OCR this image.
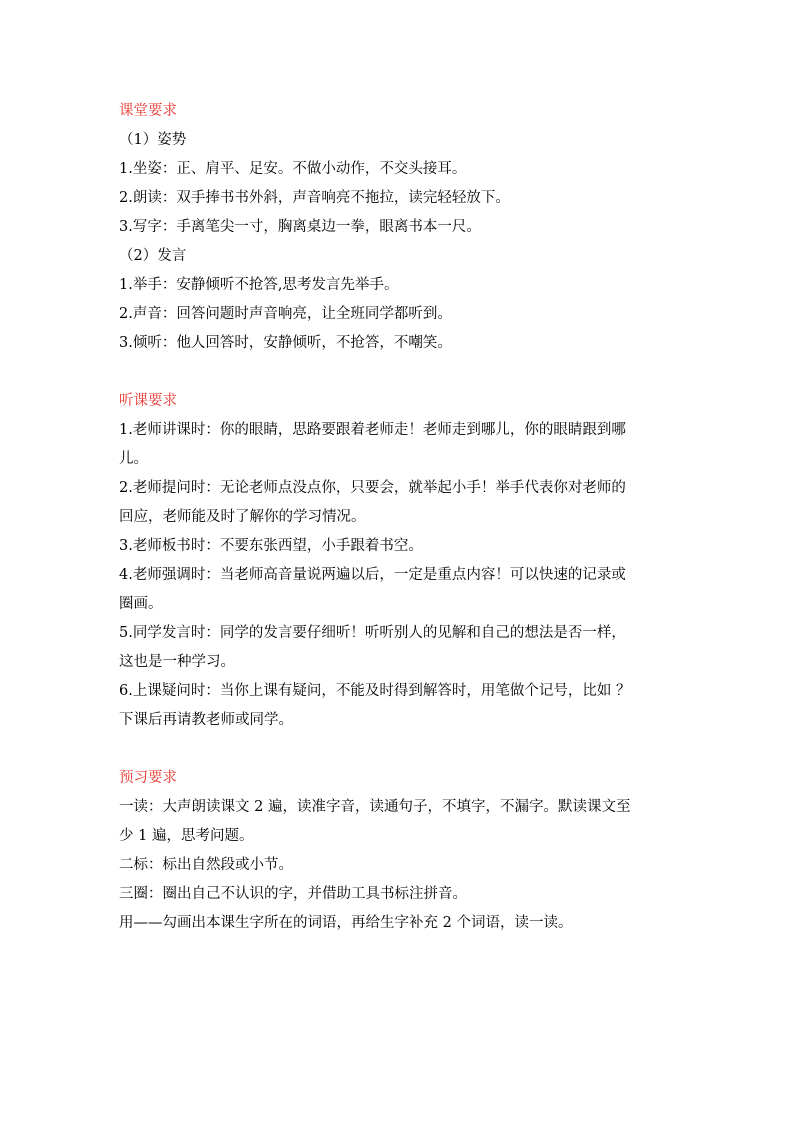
课堂要求
（1）姿势
1.坐姿：正、肩平、足安。不做小动作，不交头接耳。
2.朗读：双手捧书书外斜，声音响亮不拖拉，读完轻轻放下。
3.写字：手离笔尖一寸，胸离桌边一拳，眼离书本一尺。
（2）发言
1.举手：安静倾听不抢答,思考发言先举手。
2.声音：回答问题时声音响亮，让全班同学都听到。
3.倾听：他人回答时，安静倾听，不抢答，不嘲笑。
听课要求
1.老师讲课时：你的眼睛，思路要跟着老师走！老师走到哪儿，你的眼睛跟到哪
儿。
2.老师提问时：无论老师点没点你，只要会，就举起小手！举手代表你对老师的
回应，老师能及时了解你的学习情况。
3.老师板书时：不要东张西望，小手跟着书空。
4.老师强调时：当老师高音量说两遍以后，一定是重点内容！可以快速的记录或
圈画。
5.同学发言时：同学的发言要仔细听！听听别人的见解和自己的想法是否一样，
这也是一种学习。
6.上课疑问时：当你上课有疑问，不能及时得到解答时，用笔做个记号，比如 ？
下课后再请教老师或同学。
预习要求
一读：大声朗读课文 2 遍，读准字音，读通句子，不填字，不漏字。默读课文至
少 1 遍，思考问题。
二标：标出自然段或小节。
三圈：圈出自己不认识的字，并借助工具书标注拼音。
用——勾画出本课生字所在的词语，再给生字补充 2 个词语，读一读。
